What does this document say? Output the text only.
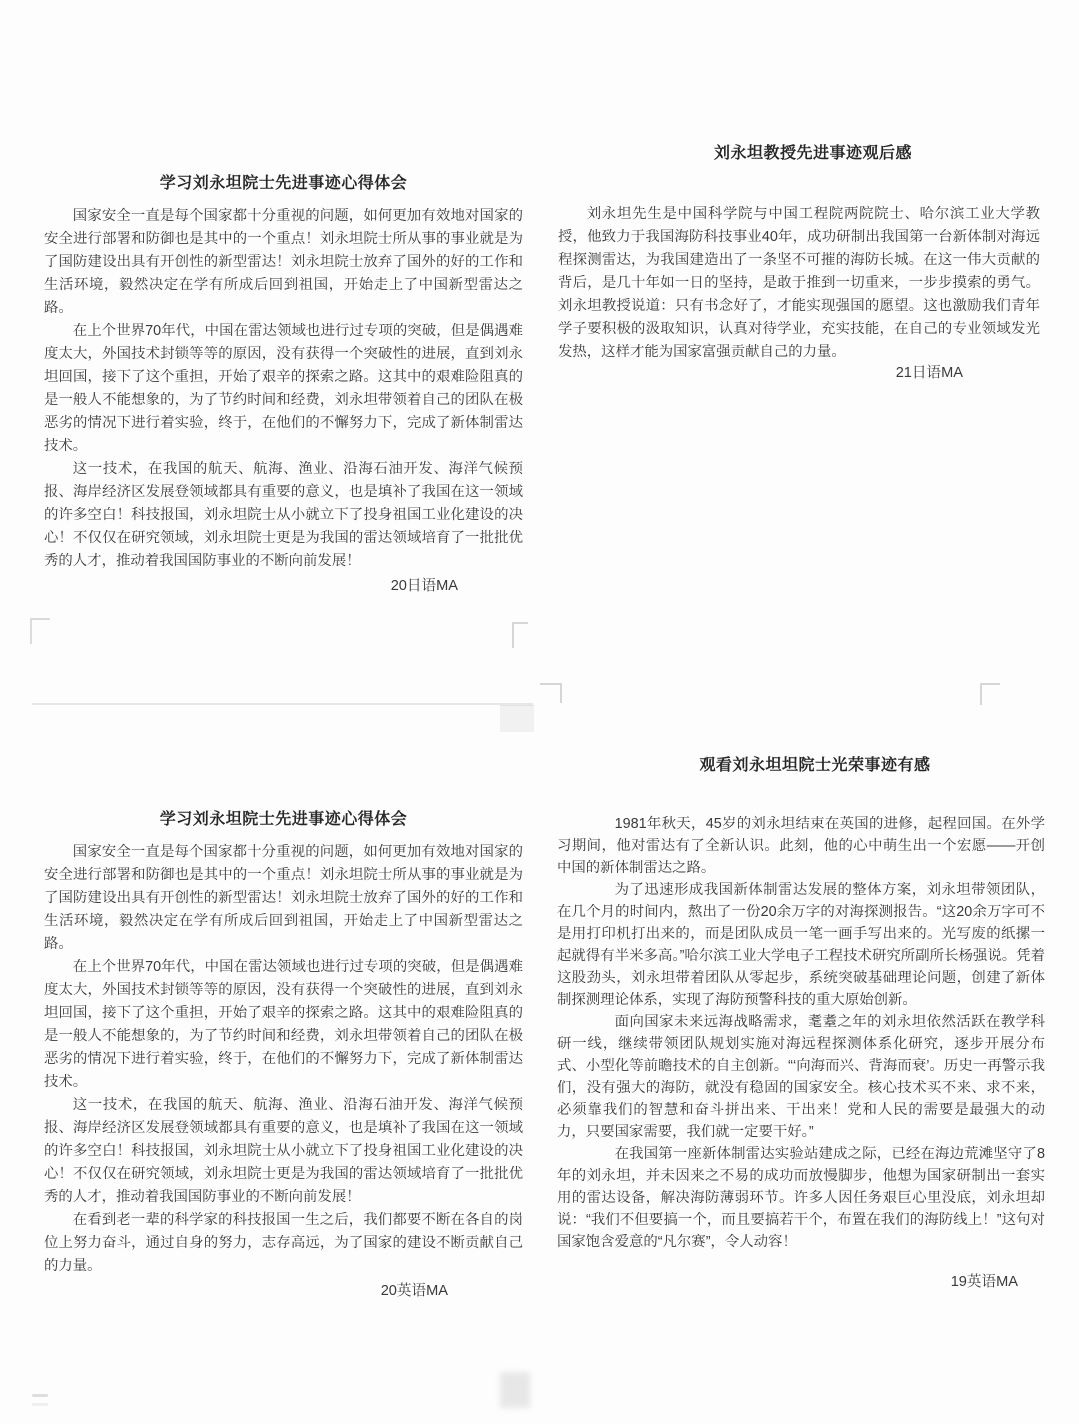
学习刘永坦院士先进事迹心得体会

国家安全一直是每个国家都十分重视的问题，如何更加有效地对国家的安全进行部署和防御也是其中的一个重点！刘永坦院士所从事的事业就是为了国防建设出具有开创性的新型雷达！刘永坦院士放弃了国外的好的工作和生活环境，毅然决定在学有所成后回到祖国，开始走上了中国新型雷达之路。

在上个世界70年代，中国在雷达领域也进行过专项的突破，但是偶遇难度太大，外国技术封锁等等的原因，没有获得一个突破性的进展，直到刘永坦回国，接下了这个重担，开始了艰辛的探索之路。这其中的艰难险阻真的是一般人不能想象的，为了节约时间和经费，刘永坦带领着自己的团队在极恶劣的情况下进行着实验，终于，在他们的不懈努力下，完成了新体制雷达技术。

这一技术，在我国的航天、航海、渔业、沿海石油开发、海洋气候预报、海岸经济区发展登领域都具有重要的意义，也是填补了我国在这一领域的许多空白！科技报国，刘永坦院士从小就立下了投身祖国工业化建设的决心！不仅仅在研究领域，刘永坦院士更是为我国的雷达领域培育了一批批优秀的人才，推动着我国国防事业的不断向前发展！

20日语MA
刘永坦教授先进事迹观后感

刘永坦先生是中国科学院与中国工程院两院院士、哈尔滨工业大学教授，他致力于我国海防科技事业40年，成功研制出我国第一台新体制对海远程探测雷达，为我国建造出了一条坚不可摧的海防长城。在这一伟大贡献的背后，是几十年如一日的坚持，是敢于推到一切重来，一步步摸索的勇气。刘永坦教授说道：只有书念好了，才能实现强国的愿望。这也激励我们青年学子要积极的汲取知识，认真对待学业，充实技能，在自己的专业领域发光发热，这样才能为国家富强贡献自己的力量。

21日语MA
学习刘永坦院士先进事迹心得体会

国家安全一直是每个国家都十分重视的问题，如何更加有效地对国家的安全进行部署和防御也是其中的一个重点！刘永坦院士所从事的事业就是为了国防建设出具有开创性的新型雷达！刘永坦院士放弃了国外的好的工作和生活环境，毅然决定在学有所成后回到祖国，开始走上了中国新型雷达之路。

在上个世界70年代，中国在雷达领域也进行过专项的突破，但是偶遇难度太大，外国技术封锁等等的原因，没有获得一个突破性的进展，直到刘永坦回国，接下了这个重担，开始了艰辛的探索之路。这其中的艰难险阻真的是一般人不能想象的，为了节约时间和经费，刘永坦带领着自己的团队在极恶劣的情况下进行着实验，终于，在他们的不懈努力下，完成了新体制雷达技术。

这一技术，在我国的航天、航海、渔业、沿海石油开发、海洋气候预报、海岸经济区发展登领域都具有重要的意义，也是填补了我国在这一领域的许多空白！科技报国，刘永坦院士从小就立下了投身祖国工业化建设的决心！不仅仅在研究领域，刘永坦院士更是为我国的雷达领域培育了一批批优秀的人才，推动着我国国防事业的不断向前发展！

在看到老一辈的科学家的科技报国一生之后，我们都要不断在各自的岗位上努力奋斗，通过自身的努力，志存高远，为了国家的建设不断贡献自己的力量。

20英语MA
观看刘永坦坦院士光荣事迹有感

1981年秋天，45岁的刘永坦结束在英国的进修，起程回国。在外学习期间，他对雷达有了全新认识。此刻，他的心中萌生出一个宏愿——开创中国的新体制雷达之路。

为了迅速形成我国新体制雷达发展的整体方案，刘永坦带领团队，在几个月的时间内，熬出了一份20余万字的对海探测报告。“这20余万字可不是用打印机打出来的，而是团队成员一笔一画手写出来的。光写废的纸摞一起就得有半米多高。”哈尔滨工业大学电子工程技术研究所副所长杨强说。凭着这股劲头，刘永坦带着团队从零起步，系统突破基础理论问题，创建了新体制探测理论体系，实现了海防预警科技的重大原始创新。

面向国家未来远海战略需求，耄耋之年的刘永坦依然活跃在教学科研一线，继续带领团队规划实施对海远程探测体系化研究，逐步开展分布式、小型化等前瞻技术的自主创新。“‘向海而兴、背海而衰’。历史一再警示我们，没有强大的海防，就没有稳固的国家安全。核心技术买不来、求不来，必须靠我们的智慧和奋斗拼出来、干出来！党和人民的需要是最强大的动力，只要国家需要，我们就一定要干好。”

在我国第一座新体制雷达实验站建成之际，已经在海边荒滩坚守了8年的刘永坦，并未因来之不易的成功而放慢脚步，他想为国家研制出一套实用的雷达设备，解决海防薄弱环节。许多人因任务艰巨心里没底，刘永坦却说：“我们不但要搞一个，而且要搞若干个，布置在我们的海防线上！”这句对国家饱含爱意的“凡尔赛”，令人动容！

19英语MA
